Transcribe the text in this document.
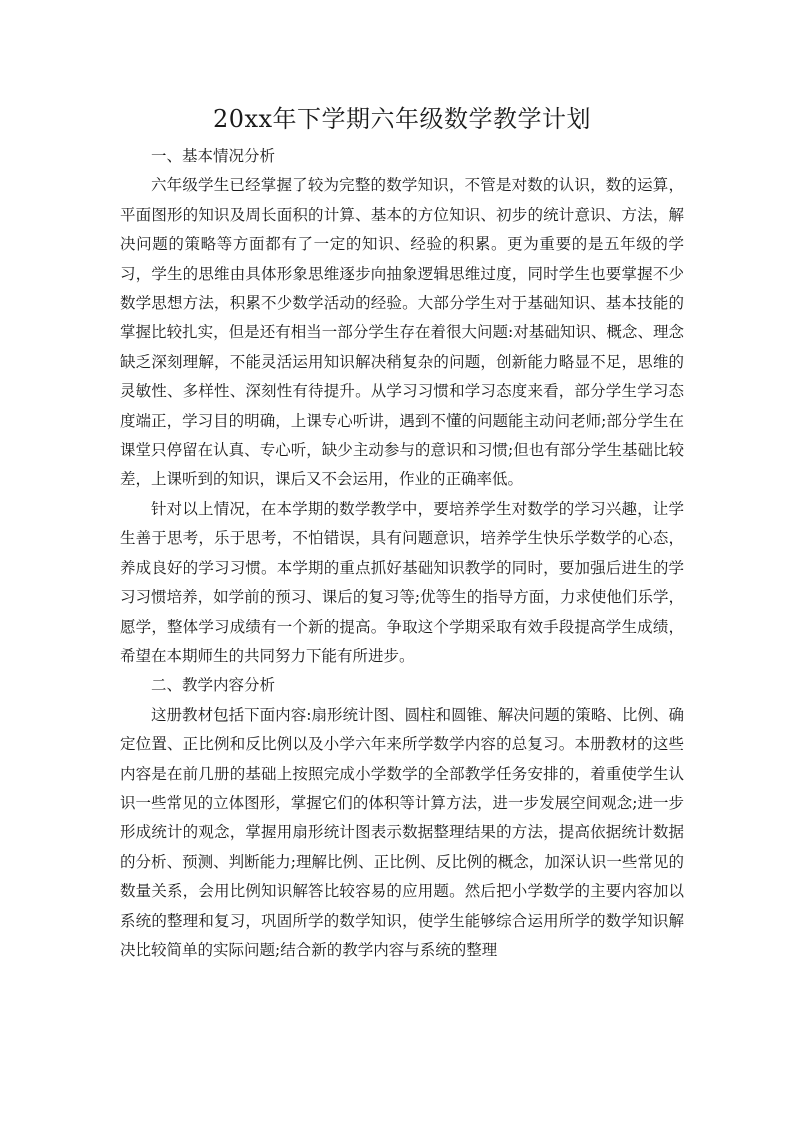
20xx年下学期六年级数学教学计划

一、基本情况分析

六年级学生已经掌握了较为完整的数学知识，不管是对数的认识，数的运算，平面图形的知识及周长面积的计算、基本的方位知识、初步的统计意识、方法，解决问题的策略等方面都有了一定的知识、经验的积累。更为重要的是五年级的学习，学生的思维由具体形象思维逐步向抽象逻辑思维过度，同时学生也要掌握不少数学思想方法，积累不少数学活动的经验。大部分学生对于基础知识、基本技能的掌握比较扎实，但是还有相当一部分学生存在着很大问题:对基础知识、概念、理念缺乏深刻理解，不能灵活运用知识解决稍复杂的问题，创新能力略显不足，思维的灵敏性、多样性、深刻性有待提升。从学习习惯和学习态度来看，部分学生学习态度端正，学习目的明确，上课专心听讲，遇到不懂的问题能主动问老师;部分学生在课堂只停留在认真、专心听，缺少主动参与的意识和习惯;但也有部分学生基础比较差，上课听到的知识，课后又不会运用，作业的正确率低。

针对以上情况，在本学期的数学教学中，要培养学生对数学的学习兴趣，让学生善于思考，乐于思考，不怕错误，具有问题意识，培养学生快乐学数学的心态，养成良好的学习习惯。本学期的重点抓好基础知识教学的同时，要加强后进生的学习习惯培养，如学前的预习、课后的复习等;优等生的指导方面，力求使他们乐学，愿学，整体学习成绩有一个新的提高。争取这个学期采取有效手段提高学生成绩，希望在本期师生的共同努力下能有所进步。

二、教学内容分析

这册教材包括下面内容:扇形统计图、圆柱和圆锥、解决问题的策略、比例、确定位置、正比例和反比例以及小学六年来所学数学内容的总复习。本册教材的这些内容是在前几册的基础上按照完成小学数学的全部教学任务安排的，着重使学生认识一些常见的立体图形，掌握它们的体积等计算方法，进一步发展空间观念;进一步形成统计的观念，掌握用扇形统计图表示数据整理结果的方法，提高依据统计数据的分析、预测、判断能力;理解比例、正比例、反比例的概念，加深认识一些常见的数量关系，会用比例知识解答比较容易的应用题。然后把小学数学的主要内容加以系统的整理和复习，巩固所学的数学知识，使学生能够综合运用所学的数学知识解决比较简单的实际问题;结合新的教学内容与系统的整理
